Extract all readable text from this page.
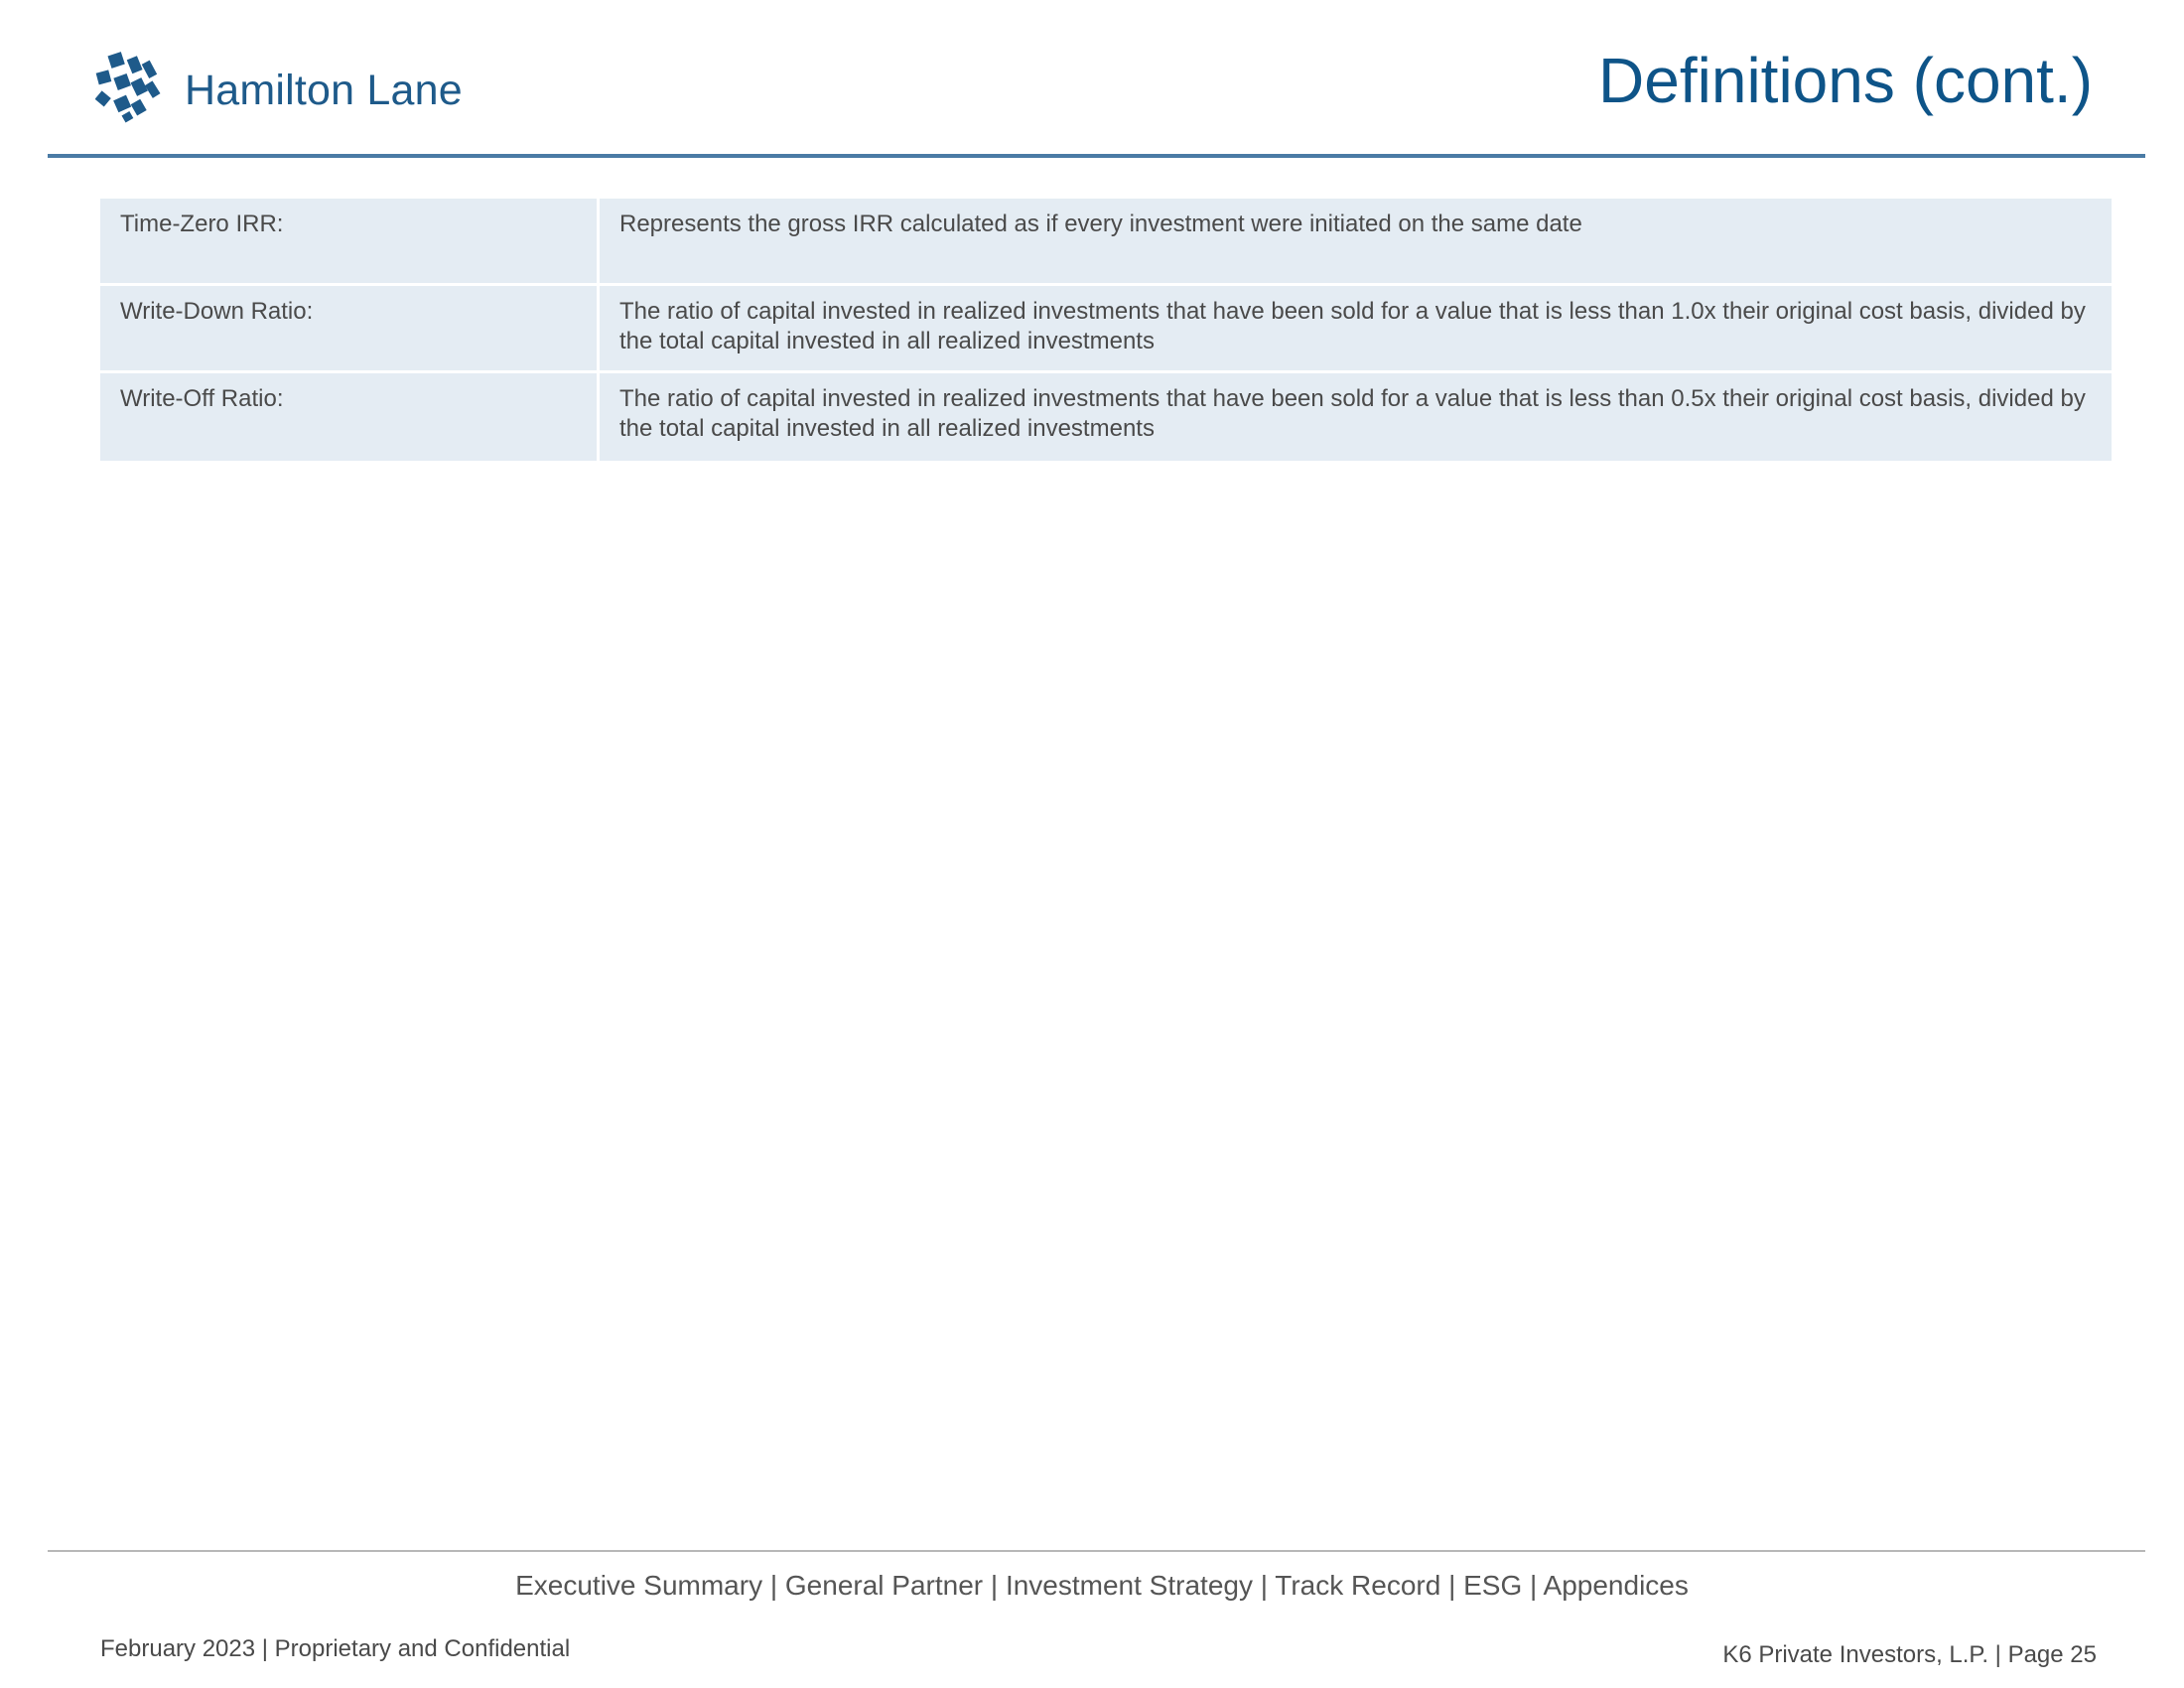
Hamilton Lane	Definitions (cont.)
Time-Zero IRR:	Represents the gross IRR calculated as if every investment were initiated on the same date
Write-Down Ratio:	The ratio of capital invested in realized investments that have been sold for a value that is less than 1.0x their original cost basis, divided by the total capital invested in all realized investments
Write-Off Ratio:	The ratio of capital invested in realized investments that have been sold for a value that is less than 0.5x their original cost basis, divided by the total capital invested in all realized investments
Executive Summary | General Partner | Investment Strategy | Track Record | ESG | Appendices
February 2023 | Proprietary and Confidential	K6 Private Investors, L.P. | Page 25
